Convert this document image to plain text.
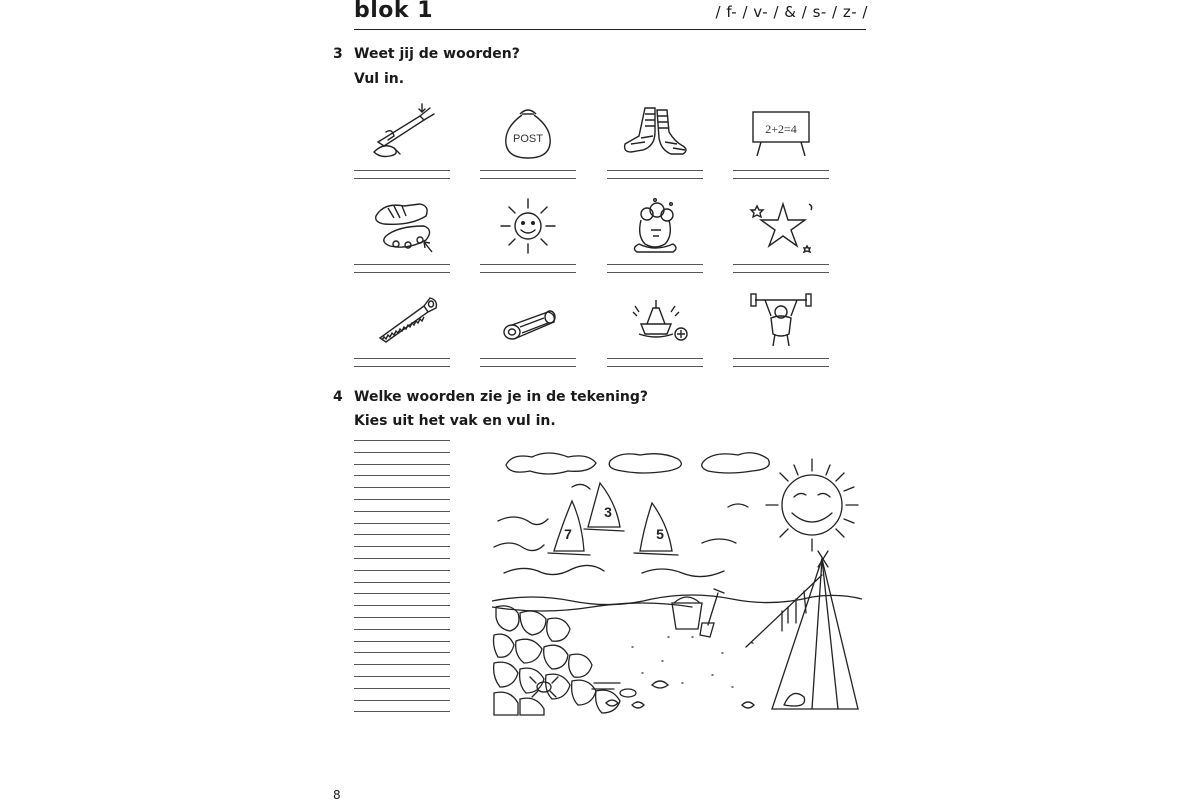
blok 1	/ f- / v- / & / s- / z- /
3 Weet jij de woorden?
Vul in.
POST
2+2=4
4 Welke woorden zie je in de tekening?
Kies uit het vak en vul in.
7
3
5
8
